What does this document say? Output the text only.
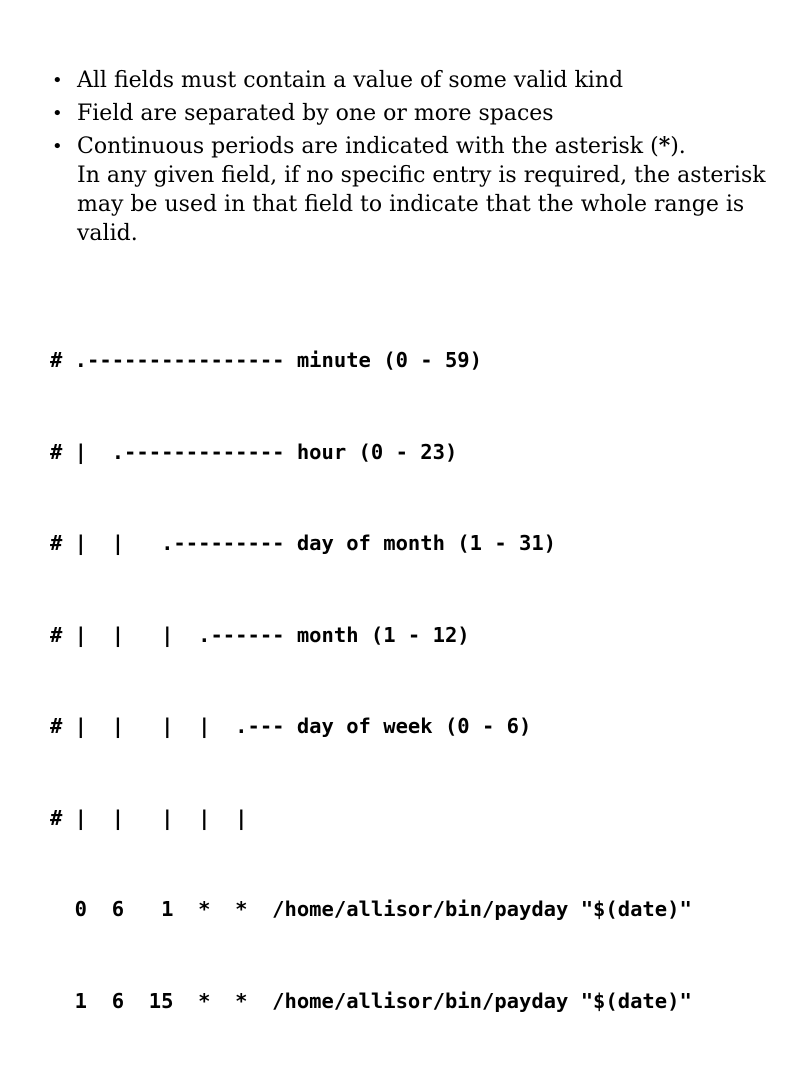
• All fields must contain a value of some valid kind
• Field are separated by one or more spaces
• Continuous periods are indicated with the asterisk (*).
In any given field, if no specific entry is required, the asterisk may be used in that field to indicate that the whole range is valid.

# .---------------- minute (0 - 59)

# |  .------------- hour (0 - 23)

# |  |   .--------- day of month (1 - 31)

# |  |   |  .------ month (1 - 12)

# |  |   |  |  .--- day of week (0 - 6)

# |  |   |  |  |

0  6   1  *  *  /home/allisor/bin/payday "$(date)"

1  6  15  *  *  /home/allisor/bin/payday "$(date)"
